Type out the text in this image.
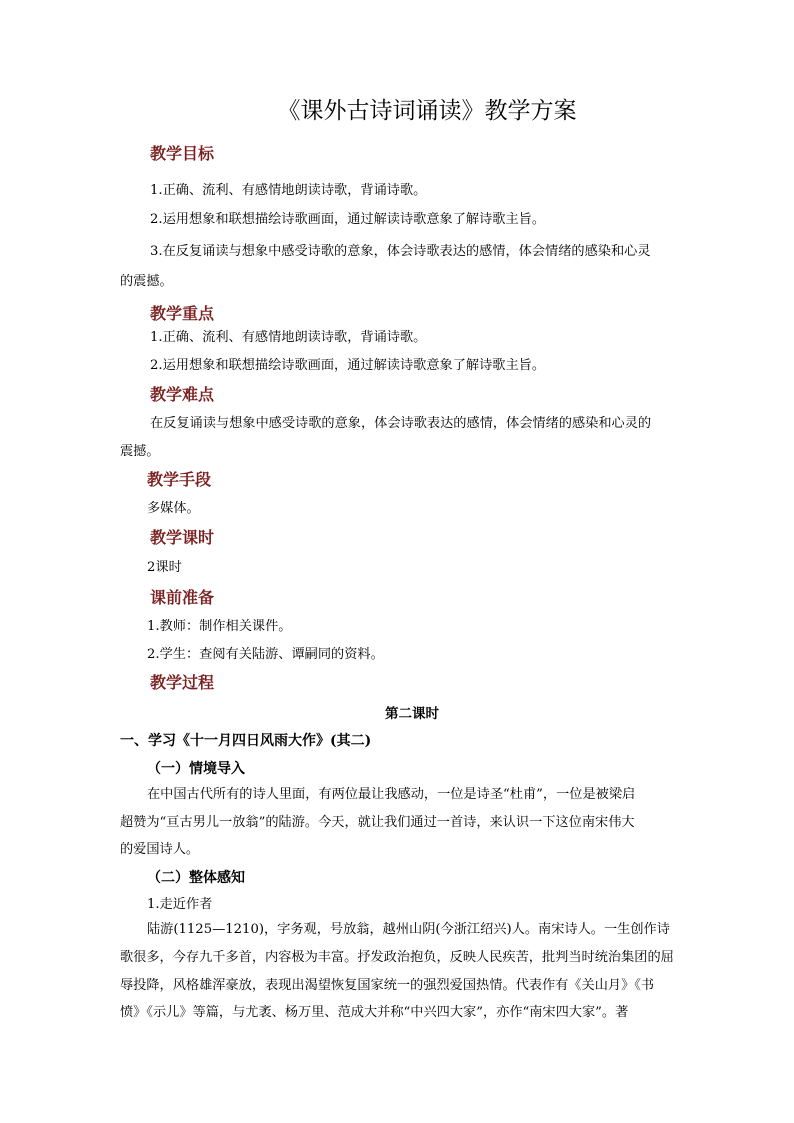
《课外古诗词诵读》教学方案
教学目标
1.正确、流利、有感情地朗读诗歌，背诵诗歌。
2.运用想象和联想描绘诗歌画面，通过解读诗歌意象了解诗歌主旨。
3.在反复诵读与想象中感受诗歌的意象，体会诗歌表达的感情，体会情绪的感染和心灵
的震撼。
教学重点
1.正确、流利、有感情地朗读诗歌，背诵诗歌。
2.运用想象和联想描绘诗歌画面，通过解读诗歌意象了解诗歌主旨。
教学难点
在反复诵读与想象中感受诗歌的意象，体会诗歌表达的感情，体会情绪的感染和心灵的
震撼。
教学手段
多媒体。
教学课时
2课时
课前准备
1.教师：制作相关课件。
2.学生：查阅有关陆游、谭嗣同的资料。
教学过程
第二课时
一、学习《十一月四日风雨大作》(其二)
（一）情境导入
在中国古代所有的诗人里面，有两位最让我感动，一位是诗圣“杜甫”，一位是被梁启
超赞为“亘古男儿一放翁”的陆游。今天，就让我们通过一首诗，来认识一下这位南宋伟大
的爱国诗人。
（二）整体感知
1.走近作者
陆游(1125—1210)，字务观，号放翁，越州山阴(今浙江绍兴)人。南宋诗人。一生创作诗
歌很多，今存九千多首，内容极为丰富。抒发政治抱负，反映人民疾苦，批判当时统治集团的屈
辱投降，风格雄浑豪放，表现出渴望恢复国家统一的强烈爱国热情。代表作有《关山月》《书
愤》《示儿》等篇，与尤袤、杨万里、范成大并称“中兴四大家”，亦作“南宋四大家”。著
